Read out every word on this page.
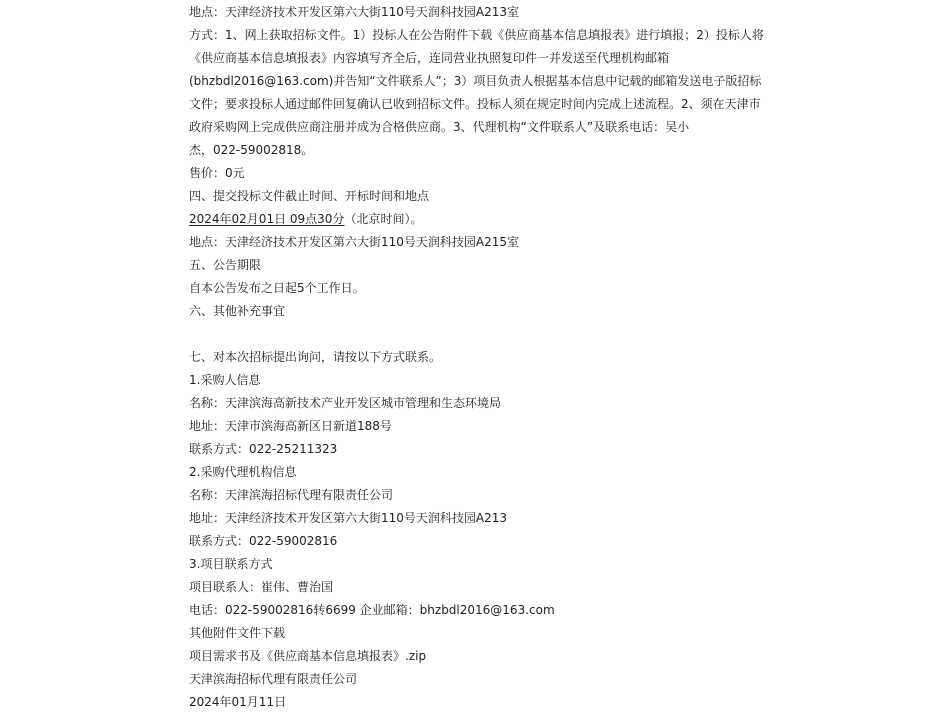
地点：天津经济技术开发区第六大街110号天润科技园A213室
方式：1、网上获取招标文件。1）投标人在公告附件下载《供应商基本信息填报表》进行填报；2）投标人将
《供应商基本信息填报表》内容填写齐全后，连同营业执照复印件一并发送至代理机构邮箱
(bhzbdl2016@163.com)并告知“文件联系人”；3）项目负责人根据基本信息中记载的邮箱发送电子版招标
文件；要求投标人通过邮件回复确认已收到招标文件。投标人须在规定时间内完成上述流程。2、须在天津市
政府采购网上完成供应商注册并成为合格供应商。3、代理机构“文件联系人”及联系电话：吴小
杰，022-59002818。
售价：0元
四、提交投标文件截止时间、开标时间和地点
2024年02月01日 09点30分（北京时间）。
地点：天津经济技术开发区第六大街110号天润科技园A215室
五、公告期限
自本公告发布之日起5个工作日。
六、其他补充事宜
七、对本次招标提出询问，请按以下方式联系。
1.采购人信息
名称：天津滨海高新技术产业开发区城市管理和生态环境局
地址：天津市滨海高新区日新道188号
联系方式：022-25211323
2.采购代理机构信息
名称：天津滨海招标代理有限责任公司
地址：天津经济技术开发区第六大街110号天润科技园A213
联系方式：022-59002816
3.项目联系方式
项目联系人：崔伟、曹治国
电话：022-59002816转6699 企业邮箱：bhzbdl2016@163.com
其他附件文件下载
项目需求书及《供应商基本信息填报表》.zip
天津滨海招标代理有限责任公司
2024年01月11日
